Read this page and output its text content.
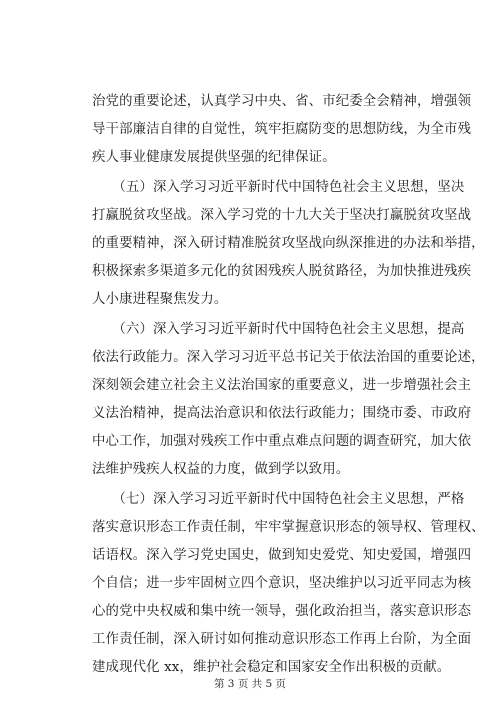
治党的重要论述，认真学习中央、省、市纪委全会精神，增强领
导干部廉洁自律的自觉性，筑牢拒腐防变的思想防线，为全市残
疾人事业健康发展提供坚强的纪律保证。
　　（五）深入学习习近平新时代中国特色社会主义思想，坚决
打赢脱贫攻坚战。深入学习党的十九大关于坚决打赢脱贫攻坚战
的重要精神，深入研讨精准脱贫攻坚战向纵深推进的办法和举措，
积极探索多渠道多元化的贫困残疾人脱贫路径，为加快推进残疾
人小康进程聚焦发力。
　　（六）深入学习习近平新时代中国特色社会主义思想，提高
依法行政能力。深入学习习近平总书记关于依法治国的重要论述，
深刻领会建立社会主义法治国家的重要意义，进一步增强社会主
义法治精神，提高法治意识和依法行政能力；围绕市委、市政府
中心工作，加强对残疾工作中重点难点问题的调查研究，加大依
法维护残疾人权益的力度，做到学以致用。
　　（七）深入学习习近平新时代中国特色社会主义思想，严格
落实意识形态工作责任制，牢牢掌握意识形态的领导权、管理权、
话语权。深入学习党史国史，做到知史爱党、知史爱国，增强四
个自信；进一步牢固树立四个意识，坚决维护以习近平同志为核
心的党中央权威和集中统一领导，强化政治担当，落实意识形态
工作责任制，深入研讨如何推动意识形态工作再上台阶，为全面
建成现代化 xx，维护社会稳定和国家安全作出积极的贡献。
第 3 页 共 5 页
